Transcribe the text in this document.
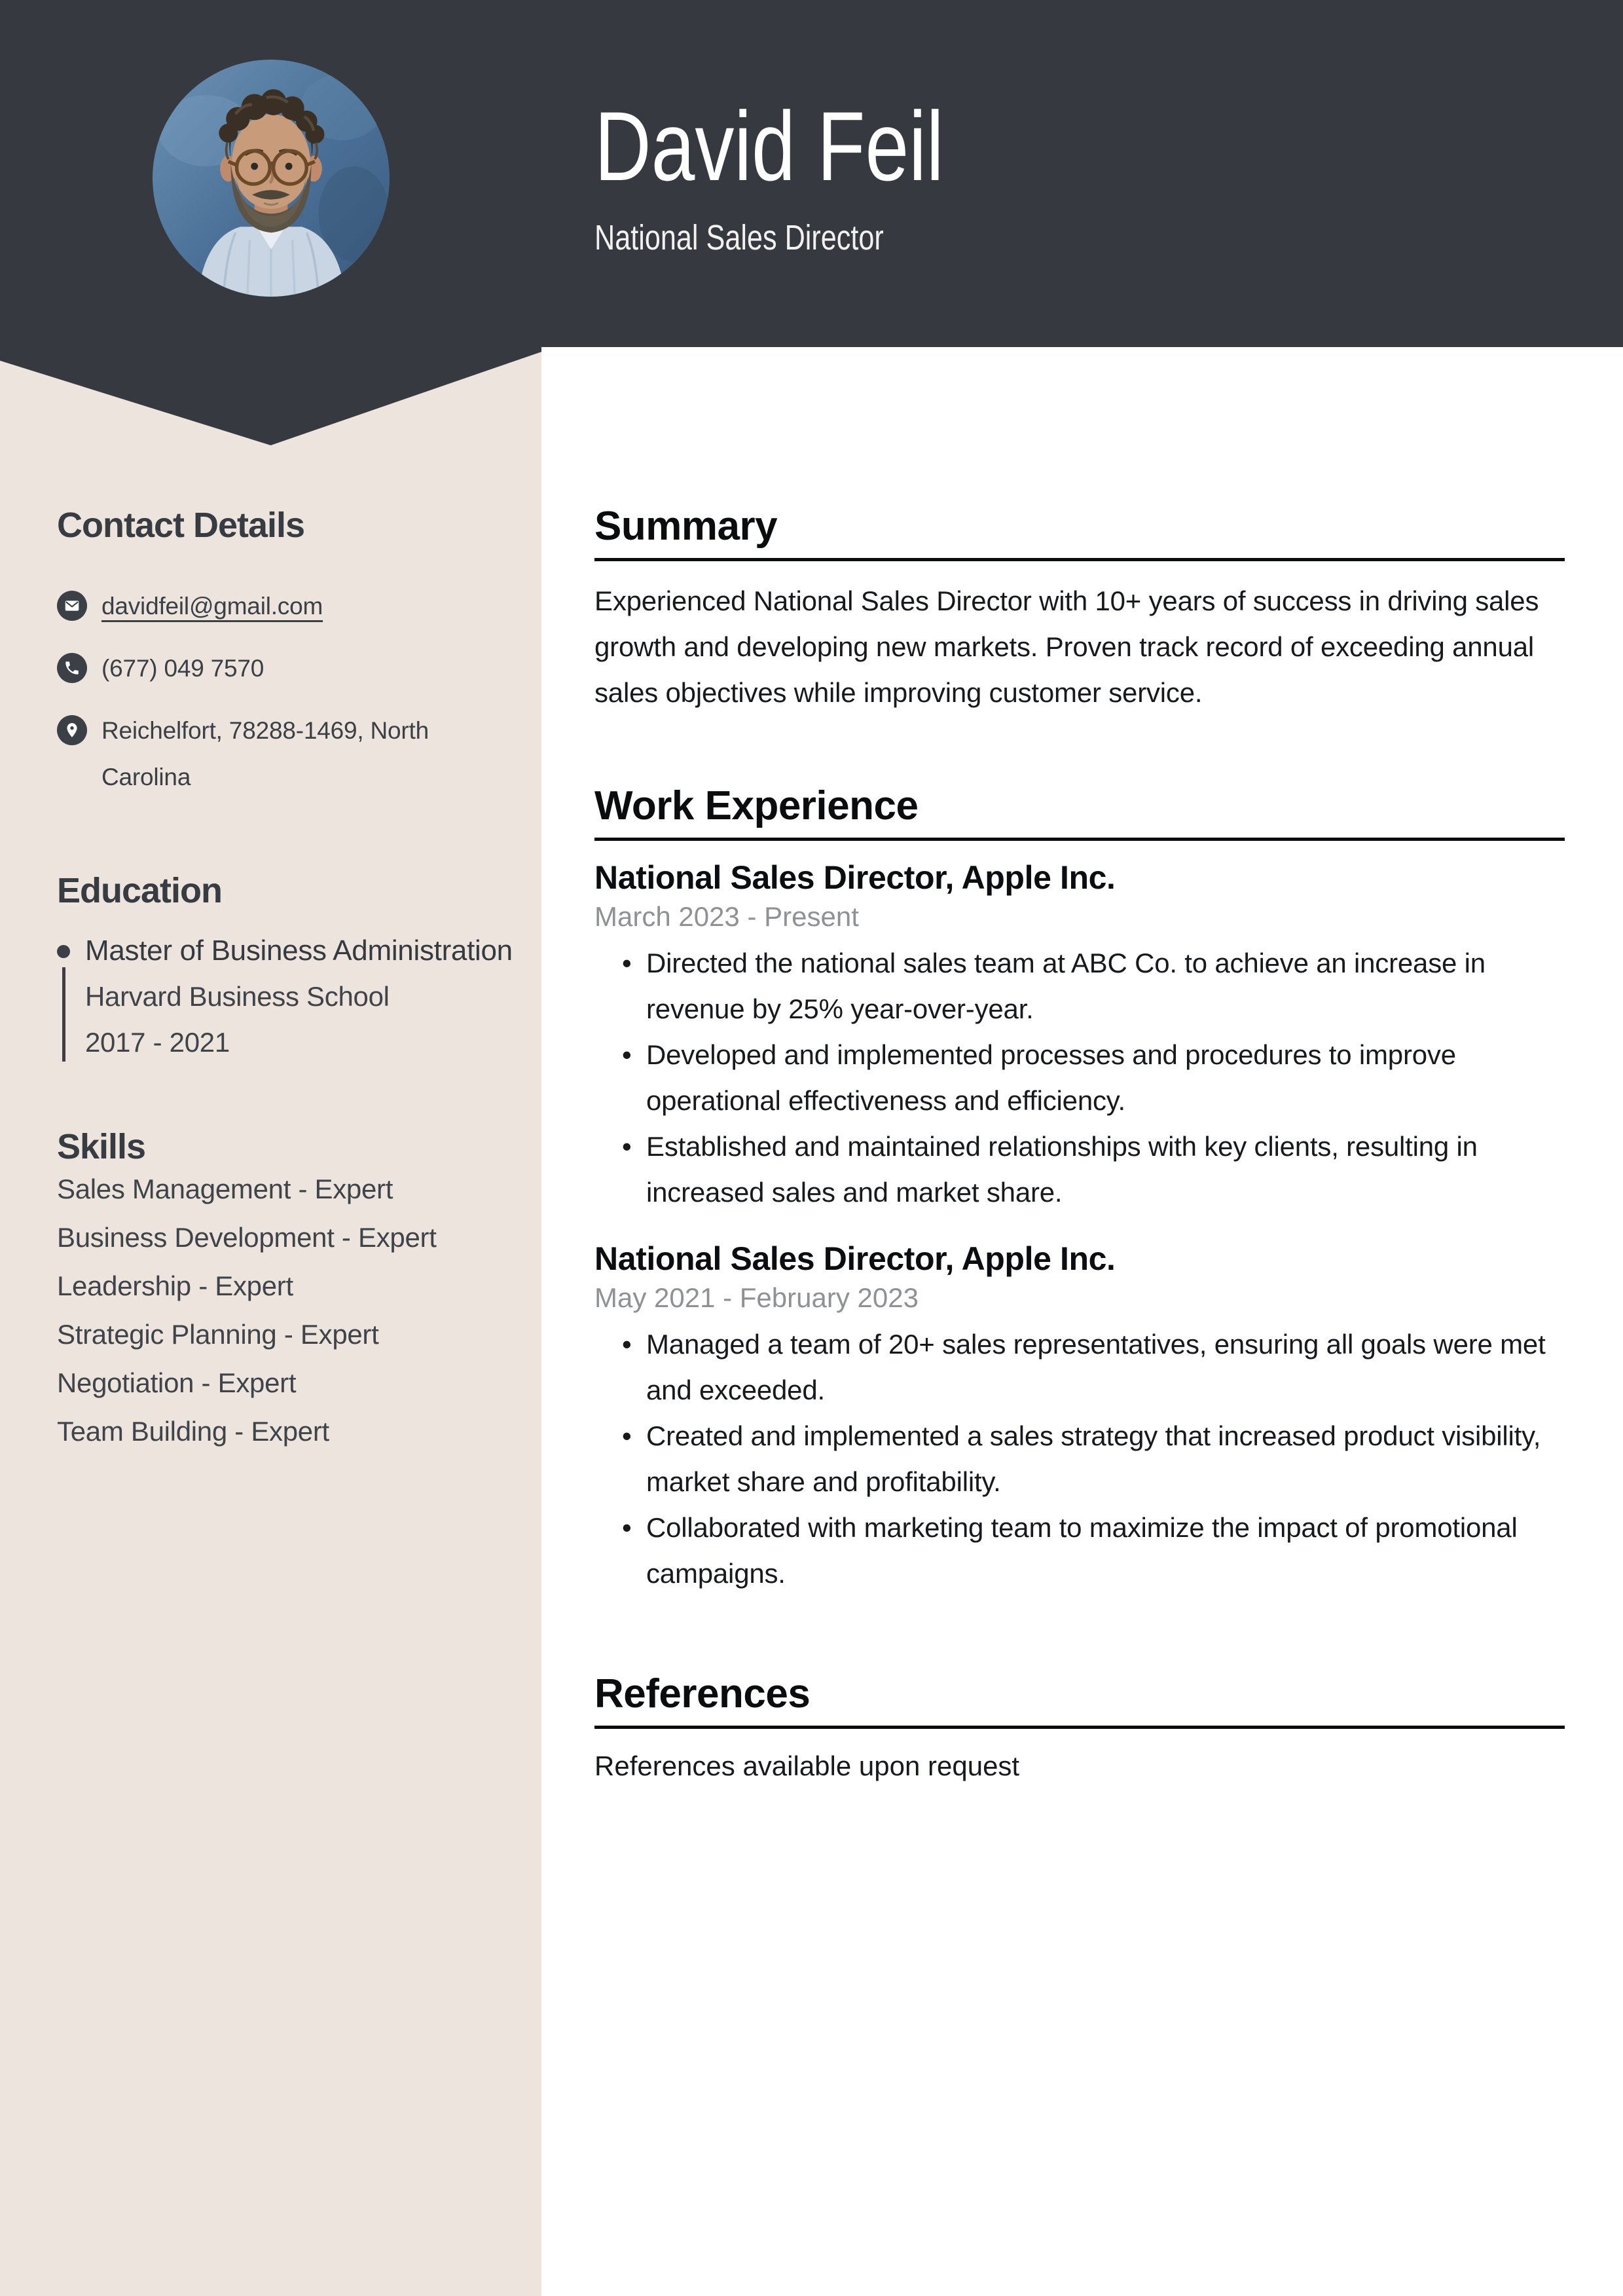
David Feil
National Sales Director
Contact Details
davidfeil@gmail.com
(677) 049 7570
Reichelfort, 78288-1469, North Carolina
Education
Master of Business Administration
Harvard Business School
2017 - 2021
Skills
Sales Management - Expert
Business Development - Expert
Leadership - Expert
Strategic Planning - Expert
Negotiation - Expert
Team Building - Expert
Summary

Experienced National Sales Director with 10+ years of success in driving sales growth and developing new markets. Proven track record of exceeding annual sales objectives while improving customer service.

Work Experience
National Sales Director, Apple Inc.
March 2023 - Present
• Directed the national sales team at ABC Co. to achieve an increase in revenue by 25% year-over-year.
• Developed and implemented processes and procedures to improve operational effectiveness and efficiency.
• Established and maintained relationships with key clients, resulting in increased sales and market share.
National Sales Director, Apple Inc.
May 2021 - February 2023
• Managed a team of 20+ sales representatives, ensuring all goals were met and exceeded.
• Created and implemented a sales strategy that increased product visibility, market share and profitability.
• Collaborated with marketing team to maximize the impact of promotional campaigns.
References

References available upon request
